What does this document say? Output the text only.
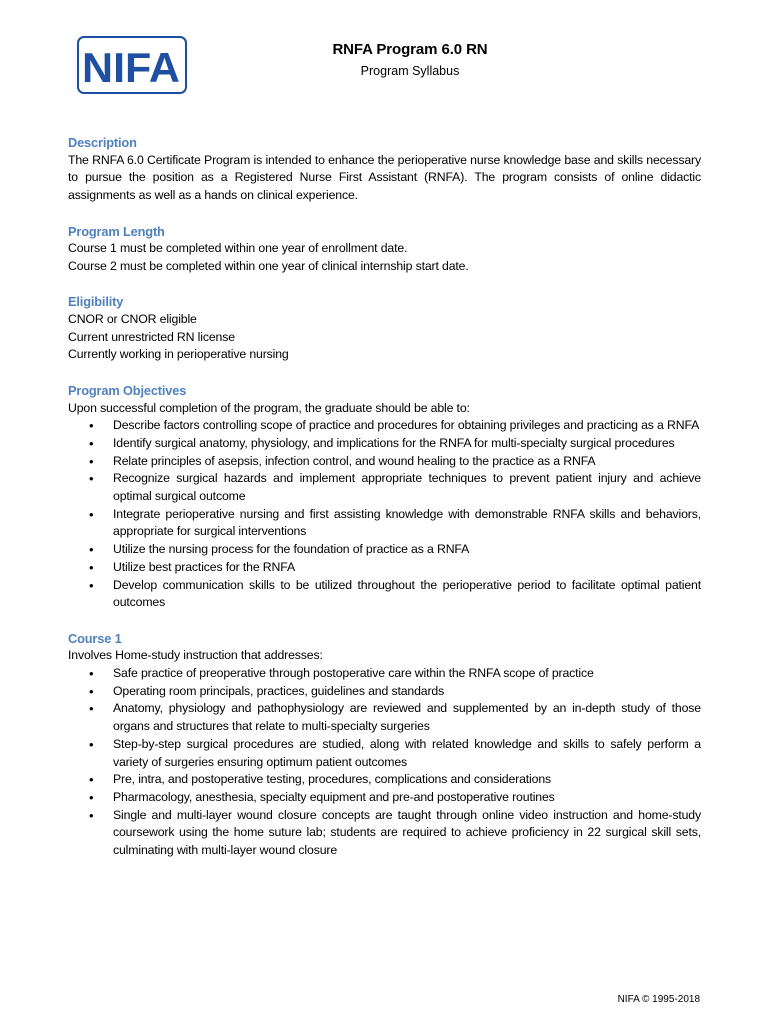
NIFA	RNFA Program 6.0 RN
Program Syllabus

Description

The RNFA 6.0 Certificate Program is intended to enhance the perioperative nurse knowledge base and skills necessary to pursue the position as a Registered Nurse First Assistant (RNFA). The program consists of online didactic assignments as well as a hands on clinical experience.

Program Length

Course 1 must be completed within one year of enrollment date.

Course 2 must be completed within one year of clinical internship start date.

Eligibility

CNOR or CNOR eligible

Current unrestricted RN license

Currently working in perioperative nursing

Program Objectives

Upon successful completion of the program, the graduate should be able to:

• Describe factors controlling scope of practice and procedures for obtaining privileges and practicing as a RNFA
• Identify surgical anatomy, physiology, and implications for the RNFA for multi-specialty surgical procedures
• Relate principles of asepsis, infection control, and wound healing to the practice as a RNFA
• Recognize surgical hazards and implement appropriate techniques to prevent patient injury and achieve optimal surgical outcome
• Integrate perioperative nursing and first assisting knowledge with demonstrable RNFA skills and behaviors, appropriate for surgical interventions
• Utilize the nursing process for the foundation of practice as a RNFA
• Utilize best practices for the RNFA
• Develop communication skills to be utilized throughout the perioperative period to facilitate optimal patient outcomes

Course 1

Involves Home-study instruction that addresses:

• Safe practice of preoperative through postoperative care within the RNFA scope of practice
• Operating room principals, practices, guidelines and standards
• Anatomy, physiology and pathophysiology are reviewed and supplemented by an in-depth study of those organs and structures that relate to multi-specialty surgeries
• Step-by-step surgical procedures are studied, along with related knowledge and skills to safely perform a variety of surgeries ensuring optimum patient outcomes
• Pre, intra, and postoperative testing, procedures, complications and considerations
• Pharmacology, anesthesia, specialty equipment and pre-and postoperative routines
• Single and multi-layer wound closure concepts are taught through online video instruction and home-study coursework using the home suture lab; students are required to achieve proficiency in 22 surgical skill sets, culminating with multi-layer wound closure
NIFA © 1995-2018
